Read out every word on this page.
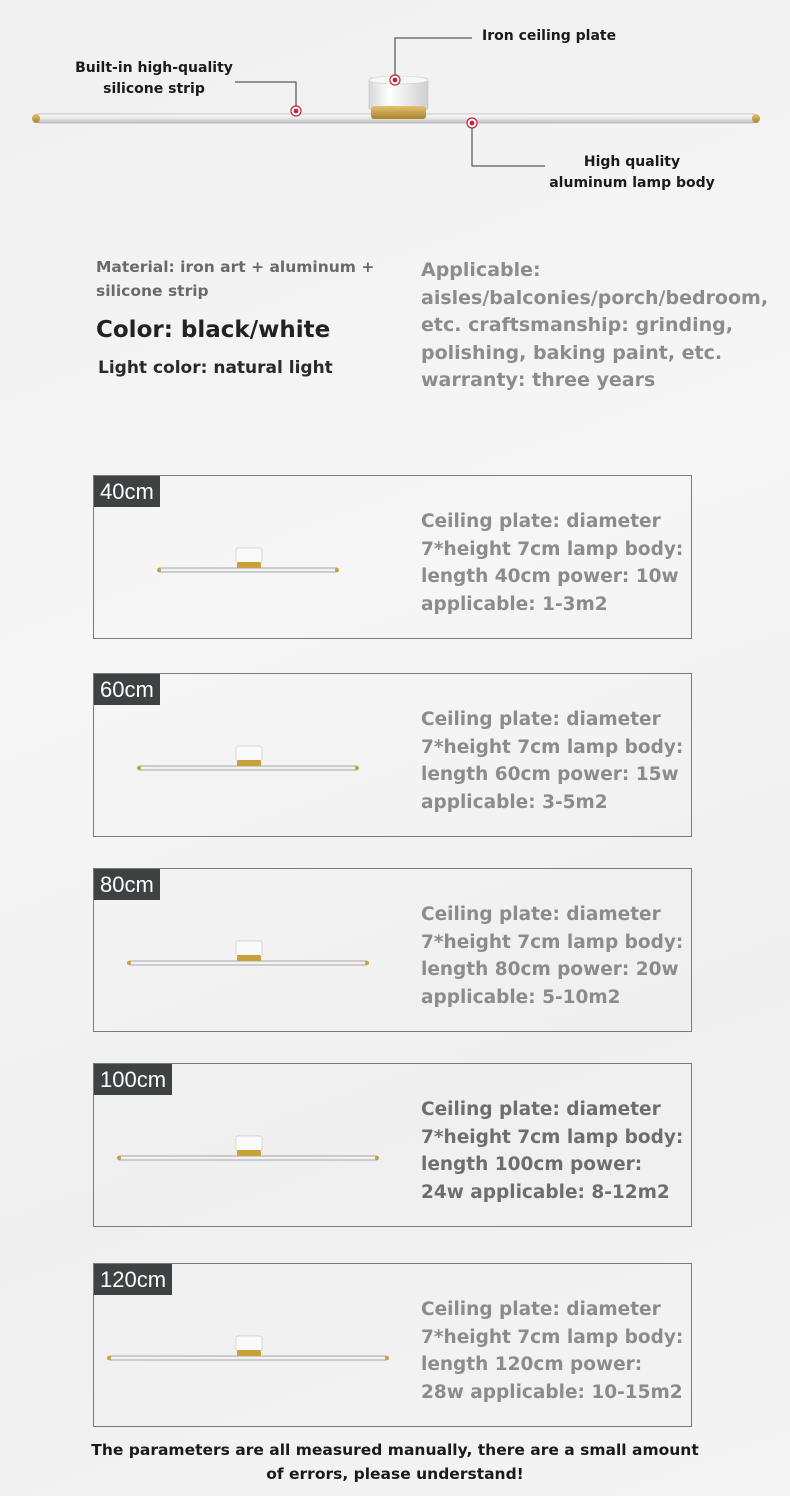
Iron ceiling plate
Built-in high-quality
silicone strip
High quality
aluminum lamp body
Material: iron art + aluminum +
silicone strip
Color: black/white
Light color: natural light
Applicable:
aisles/balconies/porch/bedroom,
etc. craftsmanship: grinding,
polishing, baking paint, etc.
warranty: three years
40cm
Ceiling plate: diameter
7*height 7cm lamp body:
length 40cm power: 10w
applicable: 1-3m2
60cm
Ceiling plate: diameter
7*height 7cm lamp body:
length 60cm power: 15w
applicable: 3-5m2
80cm
Ceiling plate: diameter
7*height 7cm lamp body:
length 80cm power: 20w
applicable: 5-10m2
100cm
Ceiling plate: diameter
7*height 7cm lamp body:
length 100cm power:
24w applicable: 8-12m2
120cm
Ceiling plate: diameter
7*height 7cm lamp body:
length 120cm power:
28w applicable: 10-15m2
The parameters are all measured manually, there are a small amount
of errors, please understand!
